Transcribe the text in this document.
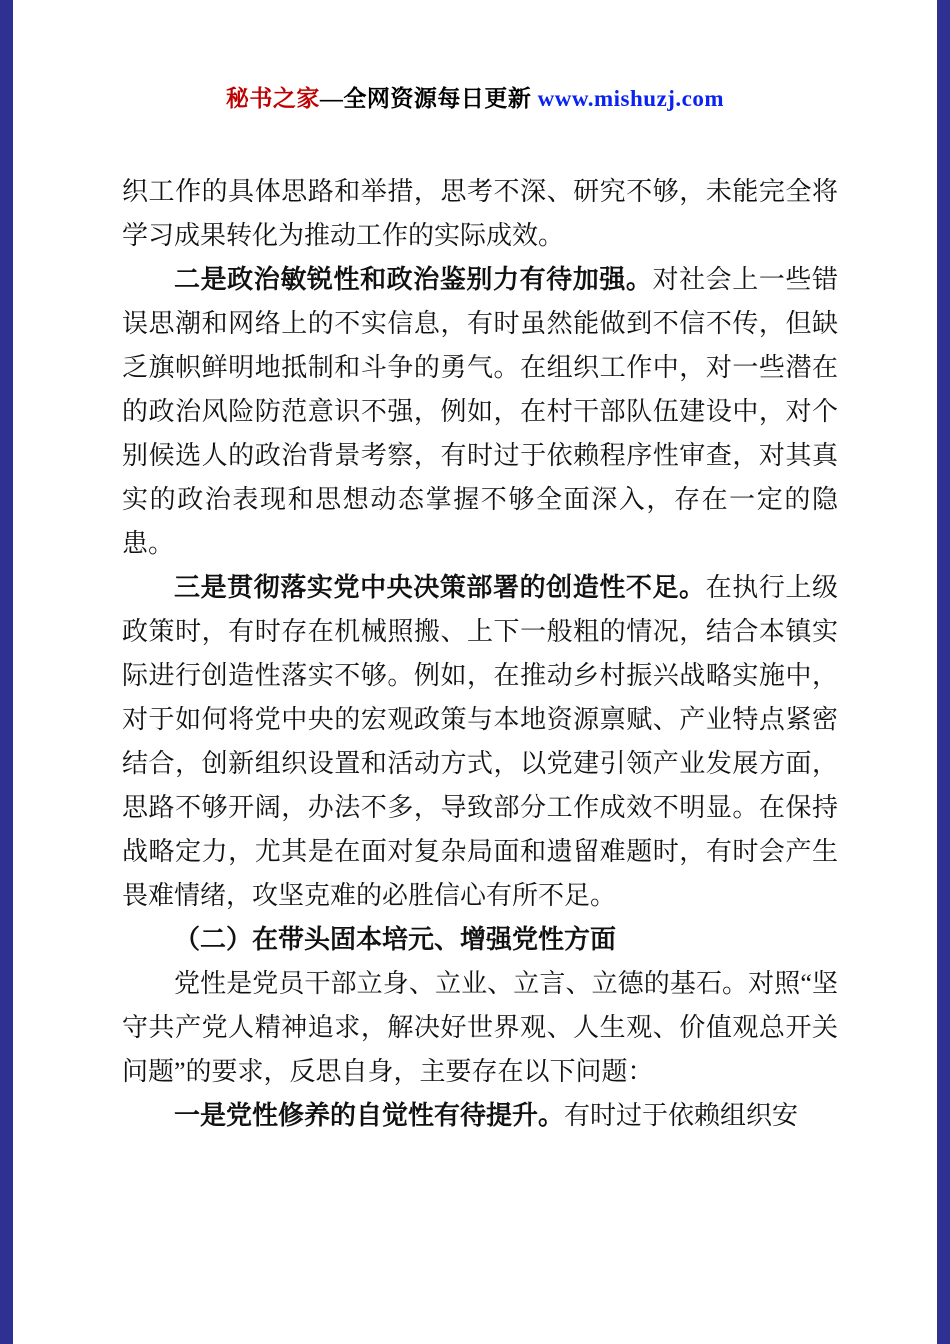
秘书之家—全网资源每日更新 www.mishuzj.com

织工作的具体思路和举措，思考不深、研究不够，未能完全将学习成果转化为推动工作的实际成效。

二是政治敏锐性和政治鉴别力有待加强。对社会上一些错误思潮和网络上的不实信息，有时虽然能做到不信不传，但缺乏旗帜鲜明地抵制和斗争的勇气。在组织工作中，对一些潜在的政治风险防范意识不强，例如，在村干部队伍建设中，对个别候选人的政治背景考察，有时过于依赖程序性审查，对其真实的政治表现和思想动态掌握不够全面深入，存在一定的隐患。

三是贯彻落实党中央决策部署的创造性不足。在执行上级政策时，有时存在机械照搬、上下一般粗的情况，结合本镇实际进行创造性落实不够。例如，在推动乡村振兴战略实施中，对于如何将党中央的宏观政策与本地资源禀赋、产业特点紧密结合，创新组织设置和活动方式，以党建引领产业发展方面，思路不够开阔，办法不多，导致部分工作成效不明显。在保持战略定力，尤其是在面对复杂局面和遗留难题时，有时会产生畏难情绪，攻坚克难的必胜信心有所不足。

（二）在带头固本培元、增强党性方面

党性是党员干部立身、立业、立言、立德的基石。对照“坚守共产党人精神追求，解决好世界观、人生观、价值观总开关问题”的要求，反思自身，主要存在以下问题：

一是党性修养的自觉性有待提升。有时过于依赖组织安
